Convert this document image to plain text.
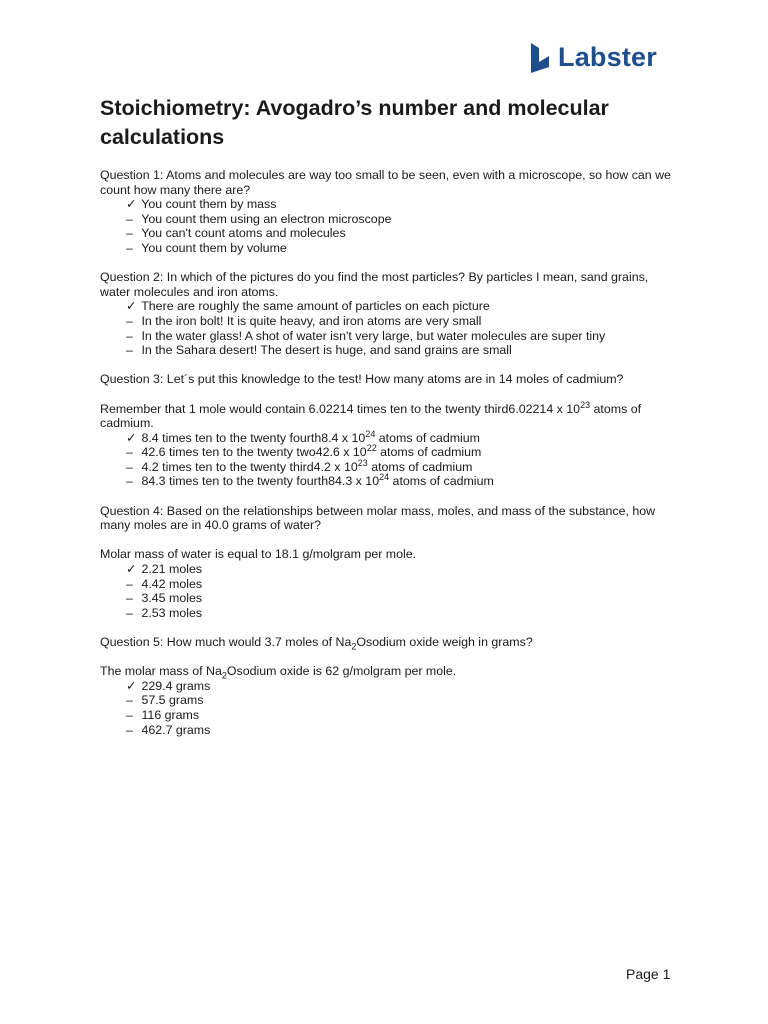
Labster
Stoichiometry: Avogadro’s number and molecular calculations

Question 1: Atoms and molecules are way too small to be seen, even with a microscope, so how can we count how many there are?

✓ You count them by mass
– You count them using an electron microscope
– You can't count atoms and molecules
– You count them by volume

Question 2: In which of the pictures do you find the most particles? By particles I mean, sand grains, water molecules and iron atoms.

✓ There are roughly the same amount of particles on each picture
– In the iron bolt! It is quite heavy, and iron atoms are very small
– In the water glass! A shot of water isn't very large, but water molecules are super tiny
– In the Sahara desert! The desert is huge, and sand grains are small

Question 3: Let´s put this knowledge to the test! How many atoms are in 14 moles of cadmium?

Remember that 1 mole would contain 6.02214 times ten to the twenty third6.02214 x $10^{23}$ atoms of cadmium.

✓ 8.4 times ten to the twenty fourth8.4 x $10^{24}$ atoms of cadmium
– 42.6 times ten to the twenty two42.6 x $10^{22}$ atoms of cadmium
– 4.2 times ten to the twenty third4.2 x $10^{23}$ atoms of cadmium
– 84.3 times ten to the twenty fourth84.3 x $10^{24}$ atoms of cadmium

Question 4: Based on the relationships between molar mass, moles, and mass of the substance, how many moles are in 40.0 grams of water?

Molar mass of water is equal to 18.1 g/molgram per mole.

✓ 2.21 moles
– 4.42 moles
– 3.45 moles
– 2.53 moles

Question 5: How much would 3.7 moles of $Na_2Osodium$ oxide weigh in grams?

The molar mass of $Na_2Osodium$ oxide is 62 g/molgram per mole.

✓ 229.4 grams
– 57.5 grams
– 116 grams
– 462.7 grams
Page 1
